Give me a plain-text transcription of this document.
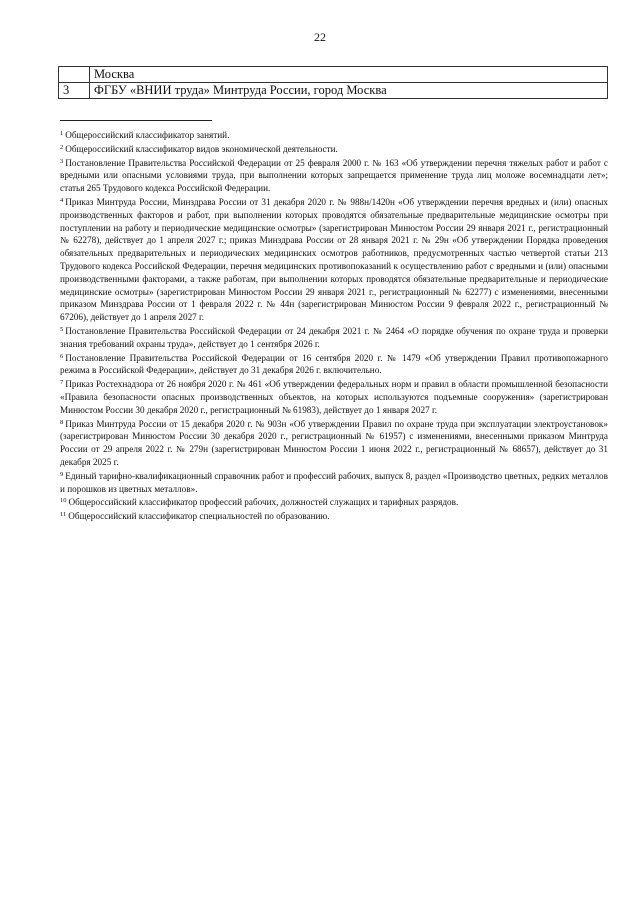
22
	Москва
3	ФГБУ «ВНИИ труда» Минтруда России, город Москва

$^1$ Общероссийский классификатор занятий.

$^2$ Общероссийский классификатор видов экономической деятельности.

$^3$ Постановление Правительства Российской Федерации от 25 февраля 2000 г. № 163 «Об утверждении перечня тяжелых работ и работ с вредными или опасными условиями труда, при выполнении которых запрещается применение труда лиц моложе восемнадцати лет»; статья 265 Трудового кодекса Российской Федерации.

$^4$ Приказ Минтруда России, Минздрава России от 31 декабря 2020 г. № 988н/1420н «Об утверждении перечня вредных и (или) опасных производственных факторов и работ, при выполнении которых проводятся обязательные предварительные медицинские осмотры при поступлении на работу и периодические медицинские осмотры» (зарегистрирован Минюстом России 29 января 2021 г., регистрационный № 62278), действует до 1 апреля 2027 г.; приказ Минздрава России от 28 января 2021 г. № 29н «Об утверждении Порядка проведения обязательных предварительных и периодических медицинских осмотров работников, предусмотренных частью четвертой статьи 213 Трудового кодекса Российской Федерации, перечня медицинских противопоказаний к осуществлению работ с вредными и (или) опасными производственными факторами, а также работам, при выполнении которых проводятся обязательные предварительные и периодические медицинские осмотры» (зарегистрирован Минюстом России 29 января 2021 г., регистрационный № 62277) с изменениями, внесенными приказом Минздрава России от 1 февраля 2022 г. № 44н (зарегистрирован Минюстом России 9 февраля 2022 г., регистрационный № 67206), действует до 1 апреля 2027 г.

$^5$ Постановление Правительства Российской Федерации от 24 декабря 2021 г. № 2464 «О порядке обучения по охране труда и проверки знания требований охраны труда», действует до 1 сентября 2026 г.

$^6$ Постановление Правительства Российской Федерации от 16 сентября 2020 г. № 1479 «Об утверждении Правил противопожарного режима в Российской Федерации», действует до 31 декабря 2026 г. включительно.

$^7$ Приказ Ростехнадзора от 26 ноября 2020 г. № 461 «Об утверждении федеральных норм и правил в области промышленной безопасности «Правила безопасности опасных производственных объектов, на которых используются подъемные сооружения» (зарегистрирован Минюстом России 30 декабря 2020 г., регистрационный № 61983), действует до 1 января 2027 г.

$^8$ Приказ Минтруда России от 15 декабря 2020 г. № 903н «Об утверждении Правил по охране труда при эксплуатации электроустановок» (зарегистрирован Минюстом России 30 декабря 2020 г., регистрационный № 61957) с изменениями, внесенными приказом Минтруда России от 29 апреля 2022 г. № 279н (зарегистрирован Минюстом России 1 июня 2022 г., регистрационный № 68657), действует до 31 декабря 2025 г.

$^9$ Единый тарифно-квалификационный справочник работ и профессий рабочих, выпуск 8, раздел «Производство цветных, редких металлов и порошков из цветных металлов».

$^{10}$ Общероссийский классификатор профессий рабочих, должностей служащих и тарифных разрядов.

$^{11}$ Общероссийский классификатор специальностей по образованию.
